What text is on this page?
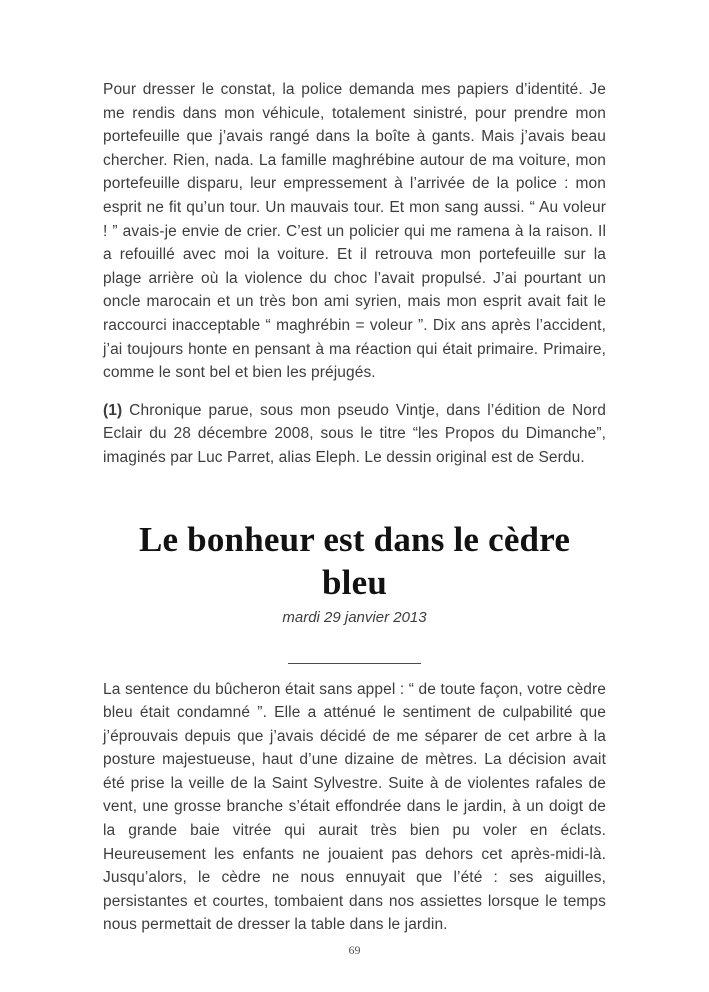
Pour dresser le constat, la police demanda mes papiers d’identité. Je me rendis dans mon véhicule, totalement sinistré, pour prendre mon portefeuille que j’avais rangé dans la boîte à gants. Mais j’avais beau chercher. Rien, nada. La famille maghrébine autour de ma voiture, mon portefeuille disparu, leur empressement à l’arrivée de la police : mon esprit ne fit qu’un tour. Un mauvais tour. Et mon sang aussi. “ Au voleur ! ” avais-je envie de crier. C’est un policier qui me ramena à la raison. Il a refouillé avec moi la voiture. Et il retrouva mon portefeuille sur la plage arrière où la violence du choc l’avait propulsé. J’ai pourtant un oncle marocain et un très bon ami syrien, mais mon esprit avait fait le raccourci inacceptable “ maghrébin = voleur ”. Dix ans après l’accident, j’ai toujours honte en pensant à ma réaction qui était primaire. Primaire, comme le sont bel et bien les préjugés.

(1) Chronique parue, sous mon pseudo Vintje, dans l’édition de Nord Eclair du 28 décembre 2008, sous le titre “les Propos du Dimanche”, imaginés par Luc Parret, alias Eleph. Le dessin original est de Serdu.

Le bonheur est dans le cèdre bleu
mardi 29 janvier 2013

La sentence du bûcheron était sans appel : “ de toute façon, votre cèdre bleu était condamné ”. Elle a atténué le sentiment de culpabilité que j’éprouvais depuis que j’avais décidé de me séparer de cet arbre à la posture majestueuse, haut d’une dizaine de mètres. La décision avait été prise la veille de la Saint Sylvestre. Suite à de violentes rafales de vent, une grosse branche s’était effondrée dans le jardin, à un doigt de la grande baie vitrée qui aurait très bien pu voler en éclats. Heureusement les enfants ne jouaient pas dehors cet après-midi-là. Jusqu’alors, le cèdre ne nous ennuyait que l’été : ses aiguilles, persistantes et courtes, tombaient dans nos assiettes lorsque le temps nous permettait de dresser la table dans le jardin.

69
